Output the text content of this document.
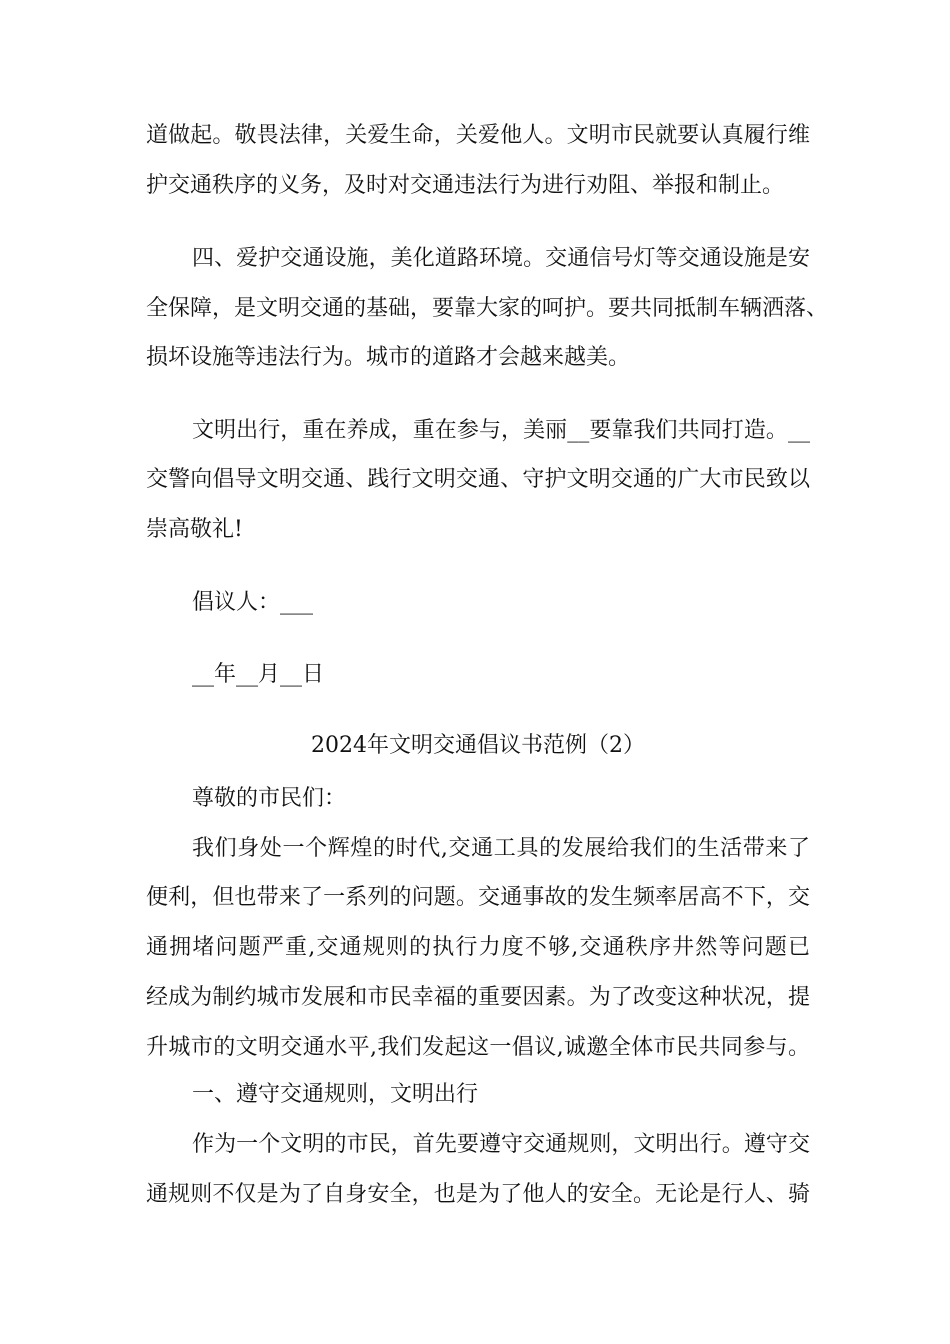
道做起。敬畏法律，关爱生命，关爱他人。文明市民就要认真履行维
护交通秩序的义务，及时对交通违法行为进行劝阻、举报和制止。
四、爱护交通设施，美化道路环境。交通信号灯等交通设施是安
全保障，是文明交通的基础，要靠大家的呵护。要共同抵制车辆洒落、
损坏设施等违法行为。城市的道路才会越来越美。
文明出行，重在养成，重在参与，美丽__要靠我们共同打造。__
交警向倡导文明交通、践行文明交通、守护文明交通的广大市民致以
崇高敬礼!
倡议人：___
__年__月__日
2024年文明交通倡议书范例（2）
尊敬的市民们：
我们身处一个辉煌的时代,交通工具的发展给我们的生活带来了
便利，但也带来了一系列的问题。交通事故的发生频率居高不下，交
通拥堵问题严重,交通规则的执行力度不够,交通秩序井然等问题已
经成为制约城市发展和市民幸福的重要因素。为了改变这种状况，提
升城市的文明交通水平,我们发起这一倡议,诚邀全体市民共同参与。
一、遵守交通规则，文明出行
作为一个文明的市民，首先要遵守交通规则，文明出行。遵守交
通规则不仅是为了自身安全，也是为了他人的安全。无论是行人、骑
